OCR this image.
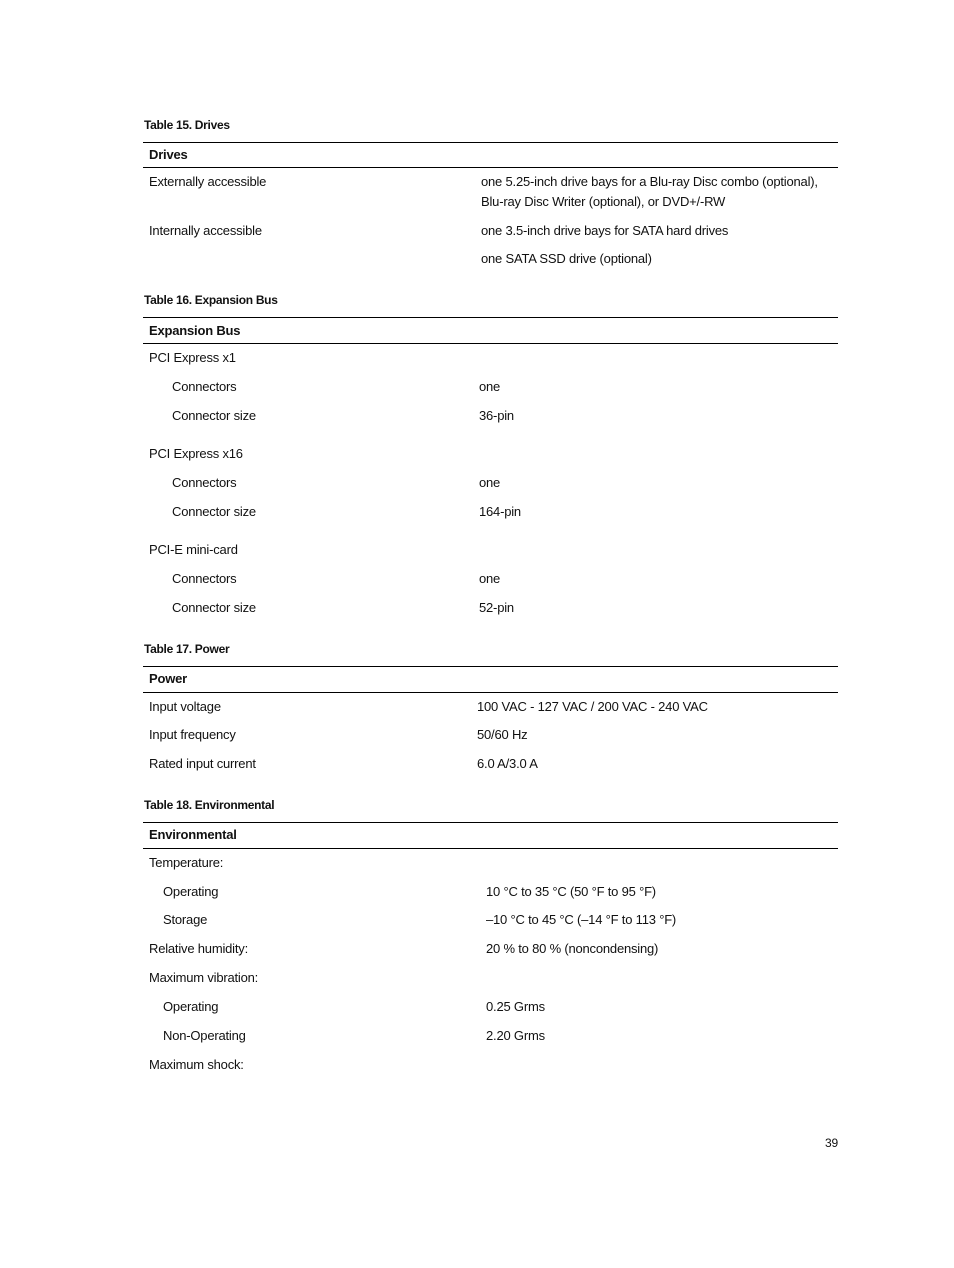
Table 15. Drives
Drives
Externally accessible	one 5.25-inch drive bays for a Blu-ray Disc combo (optional),
Blu-ray Disc Writer (optional), or DVD+/-RW
Internally accessible	one 3.5-inch drive bays for SATA hard drives
one SATA SSD drive (optional)
Table 16. Expansion Bus
Expansion Bus
PCI Express x1
Connectors	one
Connector size	36-pin
PCI Express x16
Connectors	one
Connector size	164-pin
PCI-E mini-card
Connectors	one
Connector size	52-pin
Table 17. Power
Power
Input voltage	100 VAC - 127 VAC / 200 VAC - 240 VAC
Input frequency	50/60 Hz
Rated input current	6.0 A/3.0 A
Table 18. Environmental
Environmental
Temperature:
Operating	10 °C to 35 °C (50 °F to 95 °F)
Storage	–10 °C to 45 °C (–14 °F to 113 °F)
Relative humidity:	20 % to 80 % (noncondensing)
Maximum vibration:
Operating	0.25 Grms
Non-Operating	2.20 Grms
Maximum shock:
39
